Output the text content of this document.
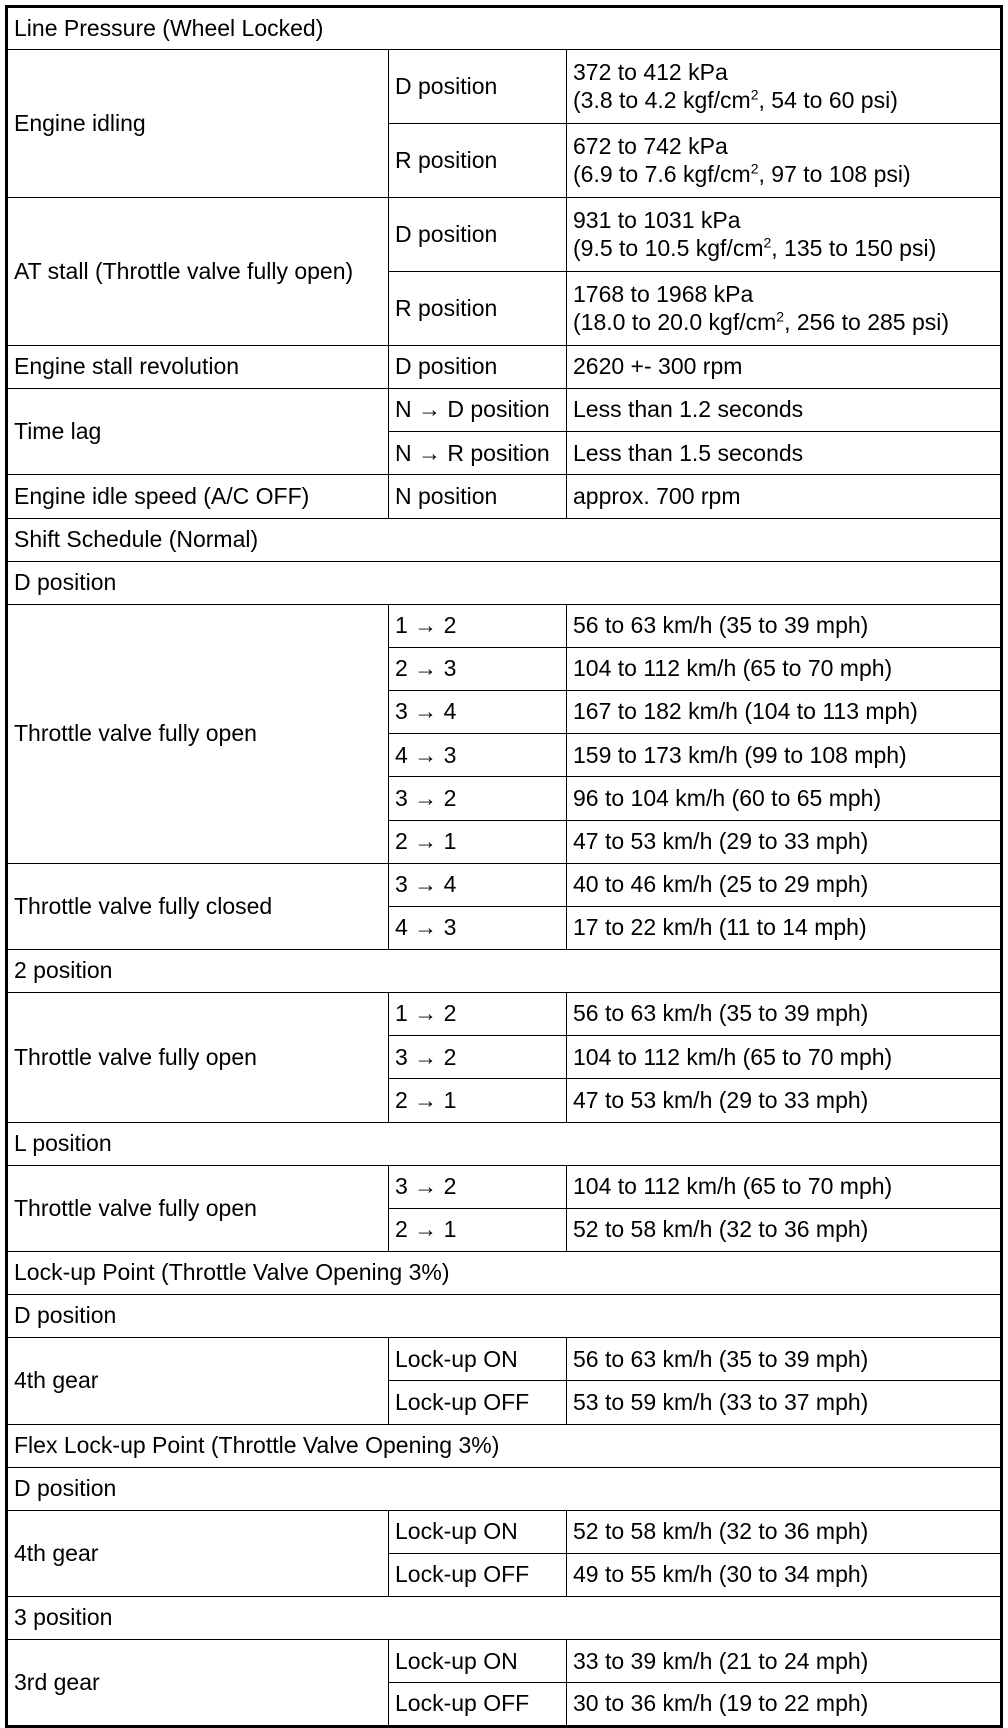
Line Pressure (Wheel Locked)		
Engine idling	D position	372 to 412 kPa
(3.8 to 4.2 kgf/$cm^2$, 54 to 60 psi)

	R position	672 to 742 kPa
(6.9 to 7.6 kgf/$cm^2$, 97 to 108 psi)

AT stall (Throttle valve fully open)	D position	931 to 1031 kPa
(9.5 to 10.5 kgf/$cm^2$, 135 to 150 psi)

	R position	1768 to 1968 kPa
(18.0 to 20.0 kgf/$cm^2$, 256 to 285 psi)

Engine stall revolution	D position	2620 +- 300 rpm
Time lag	N → D position	Less than 1.2 seconds
	N → R position	Less than 1.5 seconds
Engine idle speed (A/C OFF)	N position	approx. 700 rpm
Shift Schedule (Normal)		
D position		
Throttle valve fully open	1 → 2	56 to 63 km/h (35 to 39 mph)
	2 → 3	104 to 112 km/h (65 to 70 mph)
	3 → 4	167 to 182 km/h (104 to 113 mph)
	4 → 3	159 to 173 km/h (99 to 108 mph)
	3 → 2	96 to 104 km/h (60 to 65 mph)
	2 → 1	47 to 53 km/h (29 to 33 mph)
Throttle valve fully closed	3 → 4	40 to 46 km/h (25 to 29 mph)
	4 → 3	17 to 22 km/h (11 to 14 mph)
2 position		
Throttle valve fully open	1 → 2	56 to 63 km/h (35 to 39 mph)
	3 → 2	104 to 112 km/h (65 to 70 mph)
	2 → 1	47 to 53 km/h (29 to 33 mph)
L position		
Throttle valve fully open	3 → 2	104 to 112 km/h (65 to 70 mph)
	2 → 1	52 to 58 km/h (32 to 36 mph)
Lock-up Point (Throttle Valve Opening 3%)		
D position		
4th gear	Lock-up ON	56 to 63 km/h (35 to 39 mph)
	Lock-up OFF	53 to 59 km/h (33 to 37 mph)
Flex Lock-up Point (Throttle Valve Opening 3%)		
D position		
4th gear	Lock-up ON	52 to 58 km/h (32 to 36 mph)
	Lock-up OFF	49 to 55 km/h (30 to 34 mph)
3 position		
3rd gear	Lock-up ON	33 to 39 km/h (21 to 24 mph)
	Lock-up OFF	30 to 36 km/h (19 to 22 mph)
